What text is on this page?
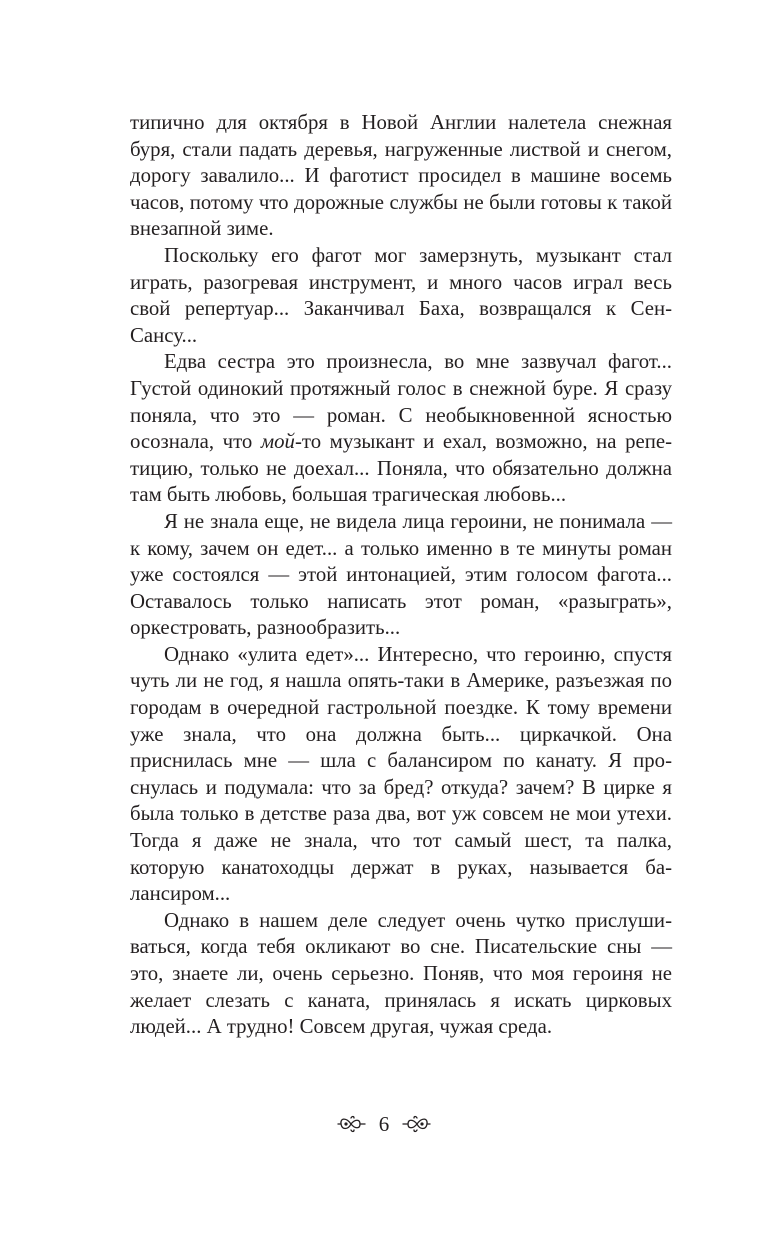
типично для октября в Новой Англии налетела снежная буря, стали падать деревья, нагруженные листвой и снегом, дорогу завалило... И фаготист просидел в машине восемь часов, потому что дорожные службы не были готовы к такой внезапной зиме.

Поскольку его фагот мог замерзнуть, музыкант стал играть, разогревая инструмент, и много часов играл весь свой репертуар... Заканчивал Баха, возвращался к Сен-Сансу...

Едва сестра это произнесла, во мне зазвучал фагот... Густой одинокий протяжный голос в снежной буре. Я сразу поняла, что это — роман. С необыкновенной ясностью осознала, что мой-то музыкант и ехал, возможно, на репетицию, только не доехал... Поняла, что обязательно должна там быть любовь, большая трагическая любовь...

Я не знала еще, не видела лица героини, не понимала — к кому, зачем он едет... а только именно в те минуты роман уже состоялся — этой интонацией, этим голосом фагота... Оставалось только написать этот роман, «разыграть», оркестровать, разнообразить...

Однако «улита едет»... Интересно, что героиню, спустя чуть ли не год, я нашла опять-таки в Америке, разъезжая по городам в очередной гастрольной поездке. К тому времени уже знала, что она должна быть... циркачкой. Она приснилась мне — шла с балансиром по канату. Я проснулась и подумала: что за бред? откуда? зачем? В цирке я была только в детстве раза два, вот уж совсем не мои утехи. Тогда я даже не знала, что тот самый шест, та палка, которую канатоходцы держат в руках, называется балансиром...

Однако в нашем деле следует очень чутко прислушиваться, когда тебя окликают во сне. Писательские сны — это, знаете ли, очень серьезно. Поняв, что моя героиня не желает слезать с каната, принялась я искать цирковых людей... А трудно! Совсем другая, чужая среда.

6
